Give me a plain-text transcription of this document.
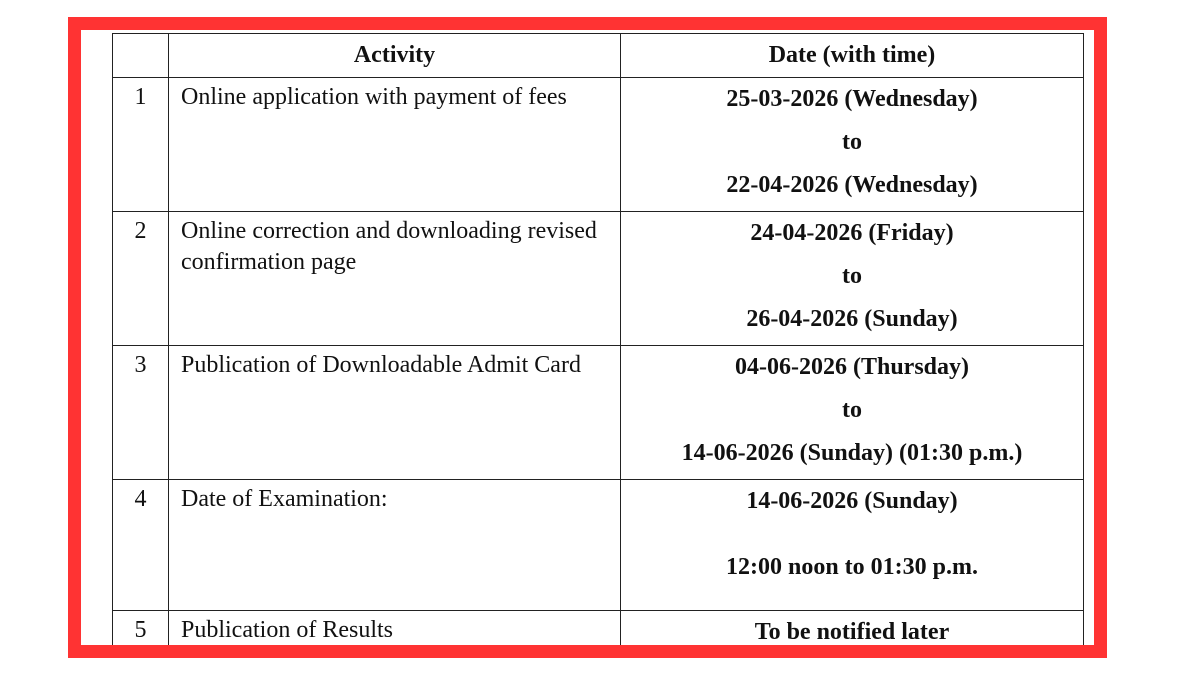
	Activity	Date (with time)
1	Online application with payment of fees	25-03-2026 (Wednesday)
to
22-04-2026 (Wednesday)

2	Online correction and downloading revised confirmation page	24-04-2026 (Friday)
to
26-04-2026 (Sunday)

3	Publication of Downloadable Admit Card	04-06-2026 (Thursday)
to
14-06-2026 (Sunday) (01:30 p.m.)

4	Date of Examination:	14-06-2026 (Sunday)
12:00 noon to 01:30 p.m.

5	Publication of Results	To be notified later
